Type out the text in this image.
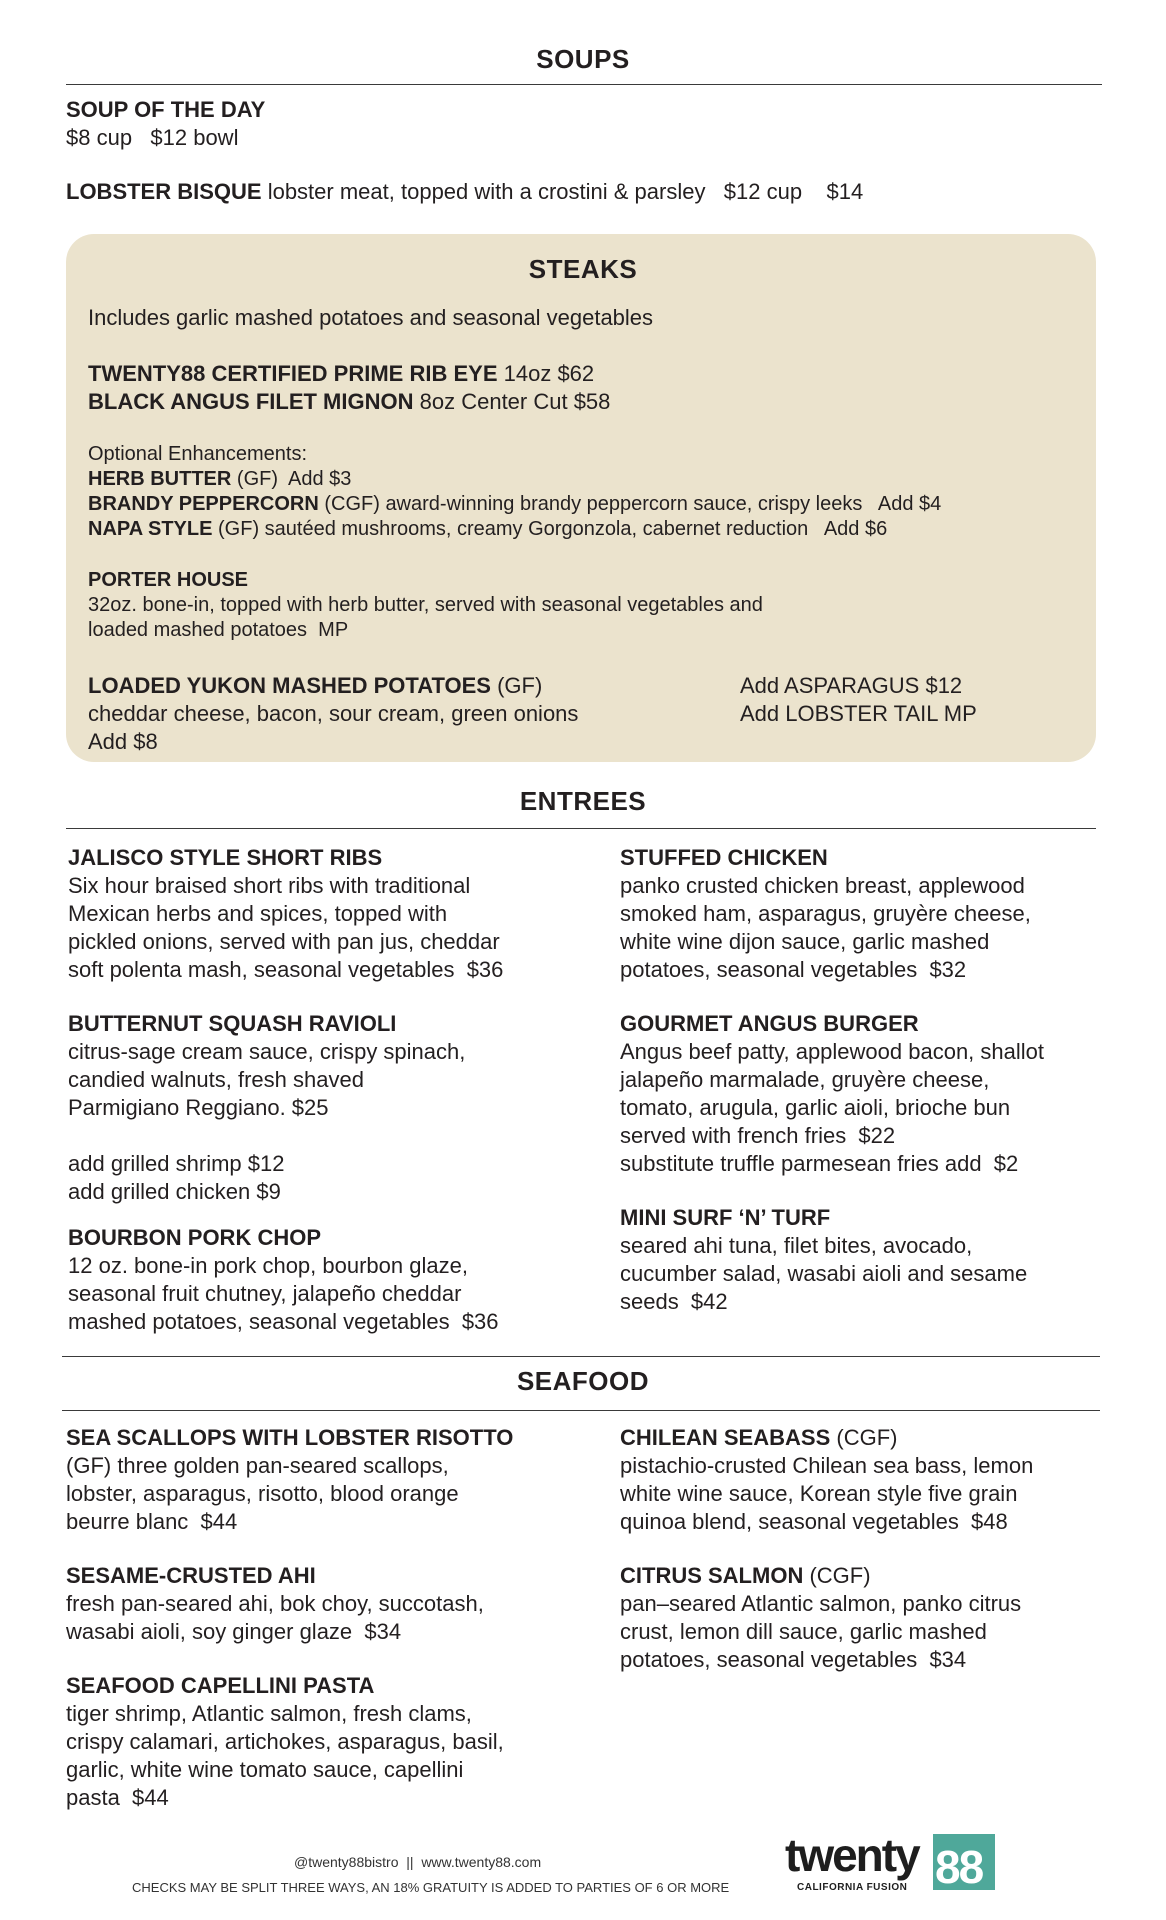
SOUPS
SOUP OF THE DAY
$8 cup   $12 bowl
LOBSTER BISQUE lobster meat, topped with a crostini & parsley   $12 cup    $14
STEAKS
Includes garlic mashed potatoes and seasonal vegetables
TWENTY88 CERTIFIED PRIME RIB EYE 14oz $62
BLACK ANGUS FILET MIGNON 8oz Center Cut $58
Optional Enhancements:
HERB BUTTER (GF)  Add $3
BRANDY PEPPERCORN (CGF) award-winning brandy peppercorn sauce, crispy leeks   Add $4
NAPA STYLE (GF) sautéed mushrooms, creamy Gorgonzola, cabernet reduction   Add $6
PORTER HOUSE
32oz. bone-in, topped with herb butter, served with seasonal vegetables and
loaded mashed potatoes  MP
LOADED YUKON MASHED POTATOES (GF)
cheddar cheese, bacon, sour cream, green onions
Add $8
Add ASPARAGUS $12
Add LOBSTER TAIL MP
ENTREES
JALISCO STYLE SHORT RIBS
Six hour braised short ribs with traditional
Mexican herbs and spices, topped with
pickled onions, served with pan jus, cheddar
soft polenta mash, seasonal vegetables  $36
BUTTERNUT SQUASH RAVIOLI
citrus-sage cream sauce, crispy spinach,
candied walnuts, fresh shaved
Parmigiano Reggiano. $25
add grilled shrimp $12
add grilled chicken $9
BOURBON PORK CHOP
12 oz. bone-in pork chop, bourbon glaze,
seasonal fruit chutney, jalapeño cheddar
mashed potatoes, seasonal vegetables  $36
STUFFED CHICKEN
panko crusted chicken breast, applewood
smoked ham, asparagus, gruyère cheese,
white wine dijon sauce, garlic mashed
potatoes, seasonal vegetables  $32
GOURMET ANGUS BURGER
Angus beef patty, applewood bacon, shallot
jalapeño marmalade, gruyère cheese,
tomato, arugula, garlic aioli, brioche bun
served with french fries  $22
substitute truffle parmesean fries add  $2
MINI SURF ‘N’ TURF
seared ahi tuna, filet bites, avocado,
cucumber salad, wasabi aioli and sesame
seeds  $42
SEAFOOD
SEA SCALLOPS WITH LOBSTER RISOTTO
(GF) three golden pan-seared scallops,
lobster, asparagus, risotto, blood orange
beurre blanc  $44
SESAME-CRUSTED AHI
fresh pan-seared ahi, bok choy, succotash,
wasabi aioli, soy ginger glaze  $34
SEAFOOD CAPELLINI PASTA
tiger shrimp, Atlantic salmon, fresh clams,
crispy calamari, artichokes, asparagus, basil,
garlic, white wine tomato sauce, capellini
pasta  $44
CHILEAN SEABASS (CGF)
pistachio-crusted Chilean sea bass, lemon
white wine sauce, Korean style five grain
quinoa blend, seasonal vegetables  $48
CITRUS SALMON (CGF)
pan–seared Atlantic salmon, panko citrus
crust, lemon dill sauce, garlic mashed
potatoes, seasonal vegetables  $34
@twenty88bistro  ||  www.twenty88.com
CHECKS MAY BE SPLIT THREE WAYS, AN 18% GRATUITY IS ADDED TO PARTIES OF 6 OR MORE
twenty 88
CALIFORNIA FUSION
